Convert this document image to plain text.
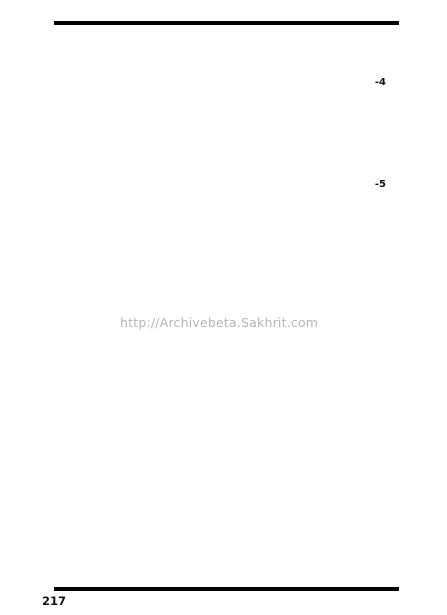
4-

5-

http://Archivebeta.Sakhrit.com
217
